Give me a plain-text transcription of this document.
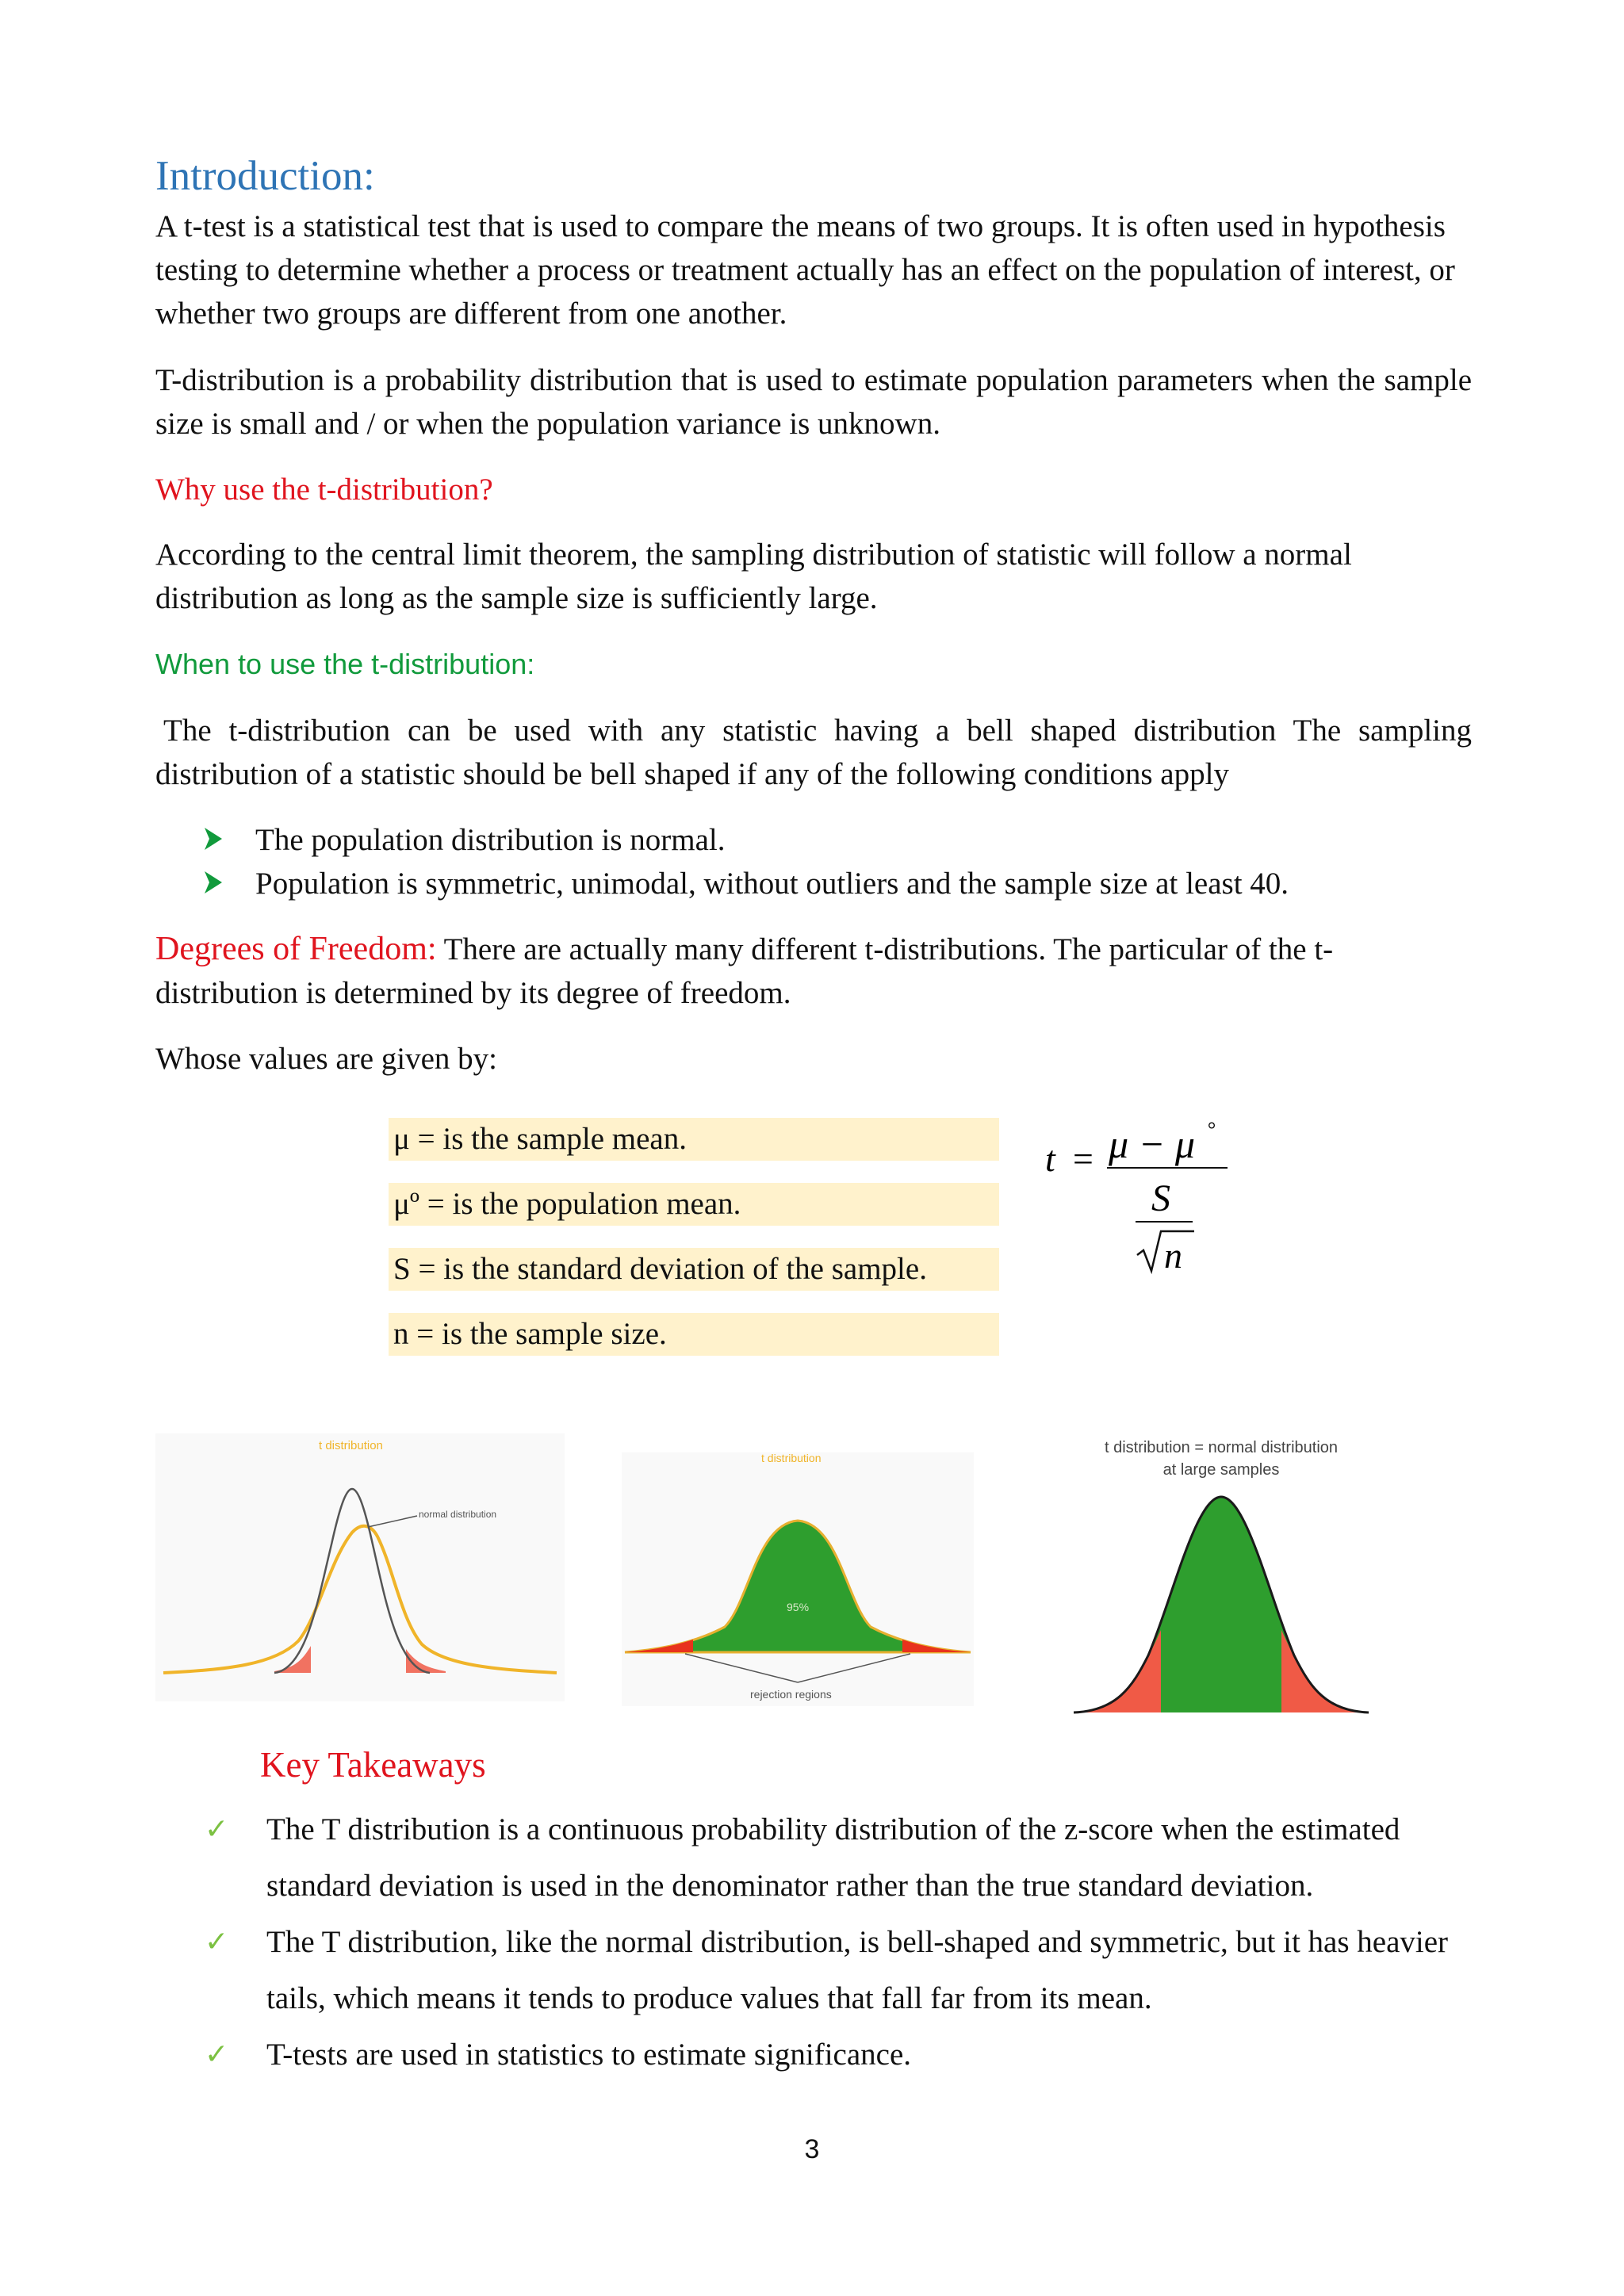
Introduction:

A t-test is a statistical test that is used to compare the means of two groups. It is often used in hypothesis testing to determine whether a process or treatment actually has an effect on the population of interest, or whether two groups are different from one another.

T-distribution is a probability distribution that is used to estimate population parameters when the sample size is small and / or when the population variance is unknown.

Why use the t-distribution?

According to the central limit theorem, the sampling distribution of statistic will follow a normal distribution as long as the sample size is sufficiently large.

When to use the t-distribution:

The t-distribution can be used with any statistic having a bell shaped distribution The sampling distribution of a statistic should be bell shaped if any of the following conditions apply

The population distribution is normal.
Population is symmetric, unimodal, without outliers and the sample size at least 40.

Degrees of Freedom: There are actually many different t-distributions. The particular of the t-distribution is determined by its degree of freedom.

Whose values are given by:

μ = is the sample mean.
μº = is the population mean.
S = is the standard deviation of the sample.
n = is the sample size.
t = μ − μ °
S
n
t distribution
normal distribution
t distribution
95%
rejection regions
t distribution = normal distribution
at large samples
Key Takeaways
✓	The T distribution is a continuous probability distribution of the z-score when the estimated standard deviation is used in the denominator rather than the true standard deviation.
✓	The T distribution, like the normal distribution, is bell-shaped and symmetric, but it has heavier tails, which means it tends to produce values that fall far from its mean.
✓	T-tests are used in statistics to estimate significance.
3
